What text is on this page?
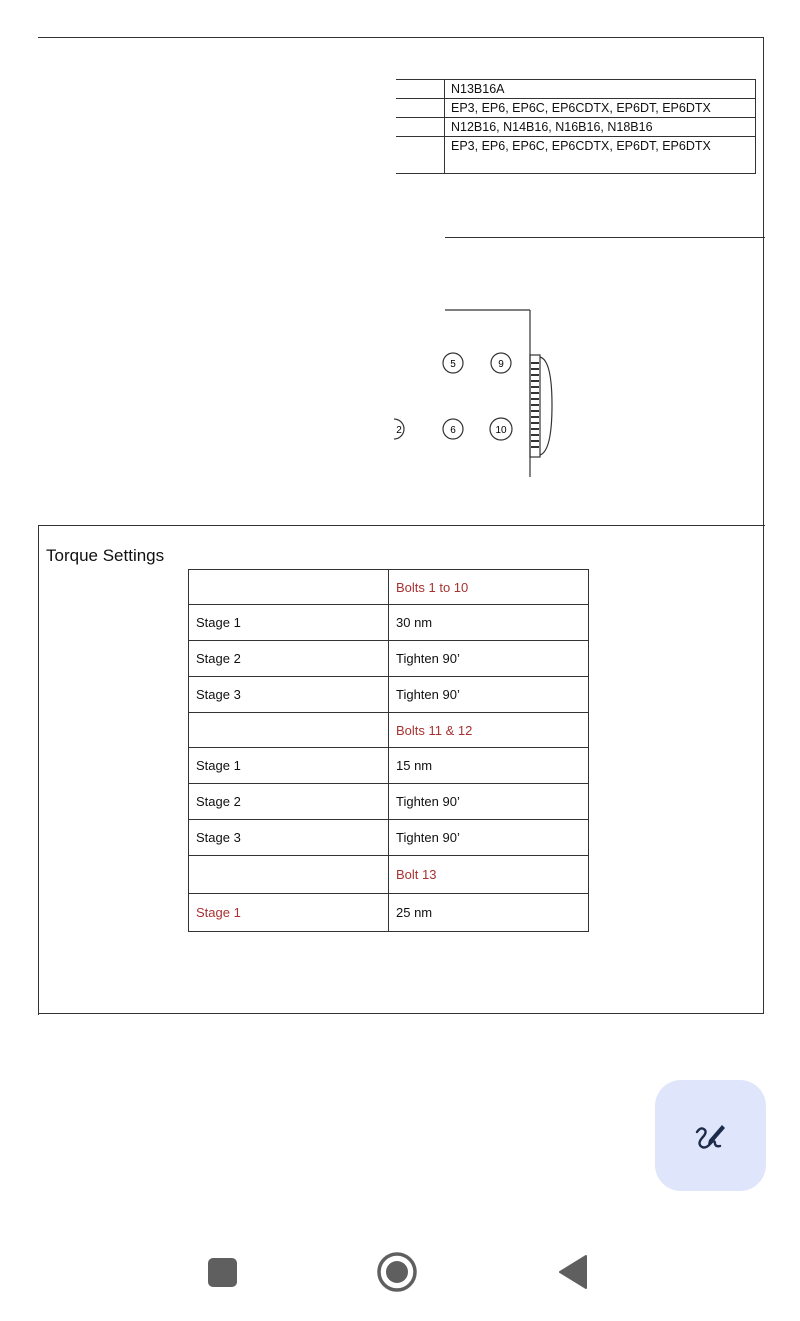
	N13B16A
	EP3, EP6, EP6C, EP6CDTX, EP6DT, EP6DTX
	N12B16, N14B16, N16B16, N18B16
	EP3, EP6, EP6C, EP6CDTX, EP6DT, EP6DTX
5	9
2	6	10
Torque Settings
	Bolts 1 to 10
Stage 1	30 nm
Stage 2	Tighten 90’
Stage 3	Tighten 90’
	Bolts 11 & 12
Stage 1	15 nm
Stage 2	Tighten 90’
Stage 3	Tighten 90’
	Bolt 13
Stage 1	25 nm
